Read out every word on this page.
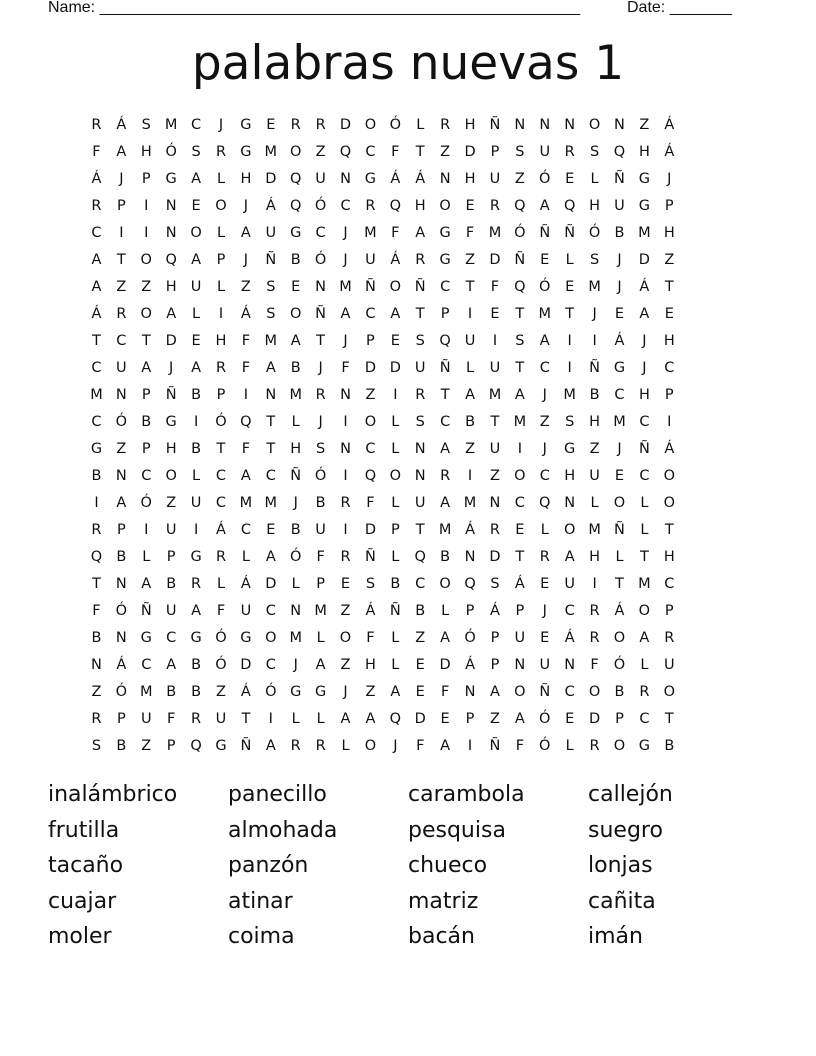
Name: ______________________________________________________	Date: _______
palabras nuevas 1
R	Á	S M C	J	G	E	R	R D O Ó	L	R H Ñ N N N O N	Z	Á
F	A	H Ó	S	R G M O Z Q C	F	T	Z D	P	S	U	R	S	Q H Á
Á	J	P	G A	L	H D Q U N G Á	Á	N H U	Z Ó	E	L	Ñ G	J
R	P	I	N	E	O	J	Á Q Ó C	R Q H O	E	R Q A Q H U G	P
C	I	I	N O	L	A	U G C	J	M F	A G	F M Ó Ñ Ñ Ó B M H
A	T	O Q A	P	J	Ñ	B Ó	J	U	Á	R G Z D Ñ	E	L	S	J	D Z
A	Z	Z H U	L	Z	S	E	N M Ñ O Ñ C	T	F	Q Ó	E M	J	Á	T
Á	R O A	L	I	Á	S	O Ñ	A	C	A	T	P	I	E	T M T	J	E	A	E
T	C	T	D	E	H	F M A	T	J	P	E	S	Q U	I	S	A	I	I	Á	J	H
C	U	A	J	A	R	F	A	B	J	F	D D U Ñ	L	U	T	C	I	Ñ G	J	C
M N	P	Ñ	B	P	I	N M R N	Z	I	R	T	A M A	J	M B	C H	P
C Ó B G	I	Ó Q	T	L	J	I	O	L	S	C	B	T M Z	S	H M C	I
G Z	P	H B	T	F	T	H	S	N C	L	N	A	Z	U	I	J	G Z	J	Ñ	Á
B	N C O	L	C	A	C Ñ Ó	I	Q O N R	I	Z O C H U	E	C O
I	A Ó Z	U	C M M	J	B	R	F	L	U	A M N C Q N	L	O	L	O
R	P	I	U	I	Á	C	E	B	U	I	D	P	T M Á	R	E	L	O M Ñ	L	T
Q B	L	P	G R	L	A Ó	F	R Ñ	L	Q B	N D	T	R	A	H	L	T	H
T	N	A	B	R	L	Á D	L	P	E	S	B	C O Q	S	Á	E	U	I	T M C
F	Ó Ñ U	A	F	U	C N M Z	Á	Ñ	B	L	P	Á	P	J	C	R	Á O	P
B	N G C G Ó G O M	L	O	F	L	Z	A Ó	P	U	E	Á	R O A	R
N	Á	C	A	B Ó D C	J	A	Z H	L	E	D Á	P	N U N	F	Ó	L	U
Z Ó M B	B	Z	Á Ó G G	J	Z	A	E	F	N	A O Ñ C O B	R O
R	P	U	F	R	U	T	I	L	L	A	A Q D	E	P	Z	A Ó	E	D	P	C	T
S	B	Z	P	Q G Ñ	A	R	R	L	O	J	F	A	I	Ñ	F	Ó	L	R O G B
inalámbrico
frutilla
tacaño
cuajar
moler
panecillo
almohada
panzón
atinar
coima
carambola
pesquisa
chueco
matriz
bacán
callejón
suegro
lonjas
cañita
imán
